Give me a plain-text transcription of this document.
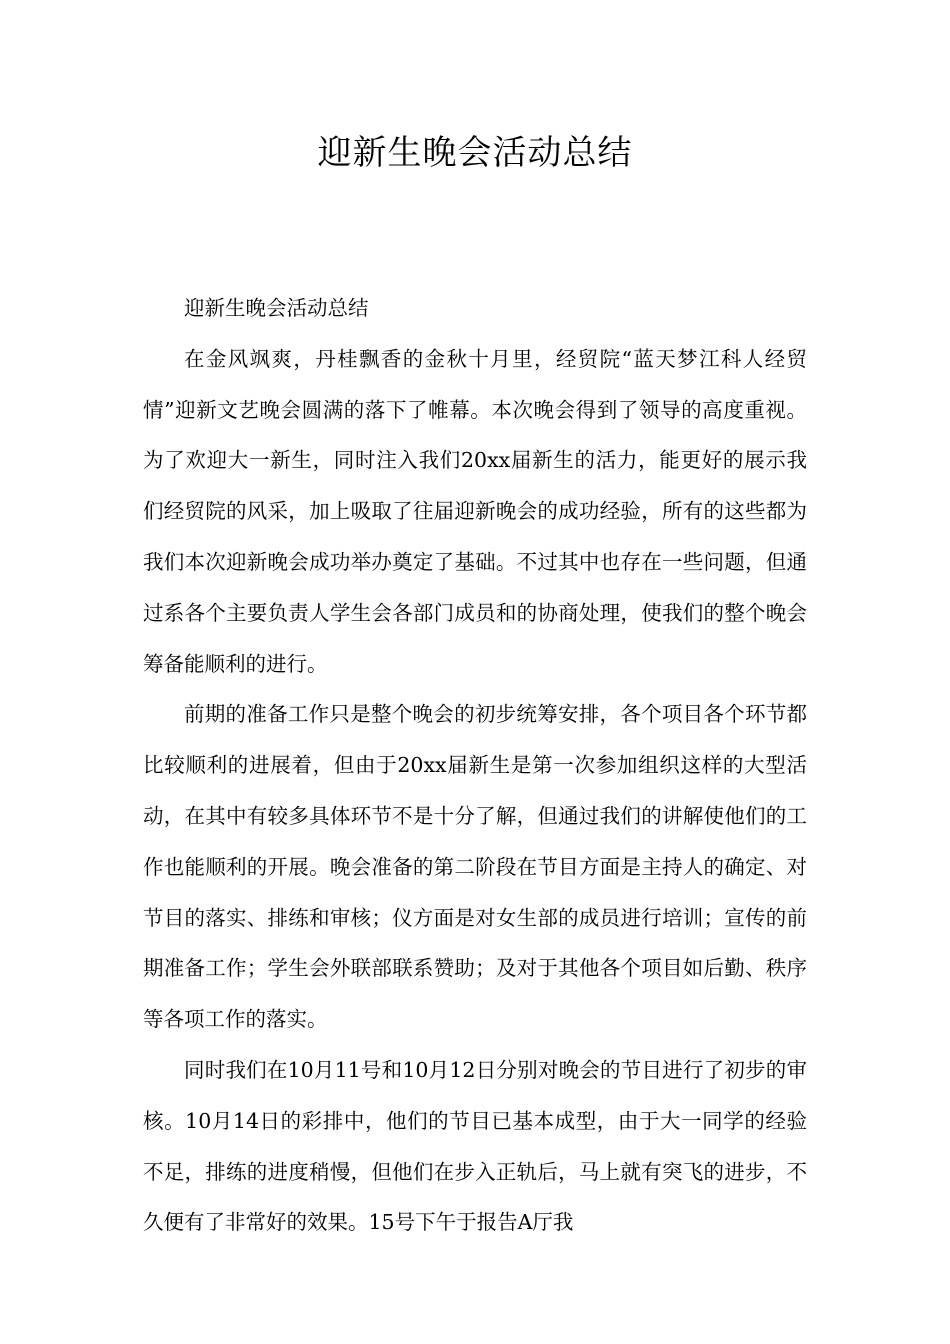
迎新生晚会活动总结

迎新生晚会活动总结

在金风飒爽，丹桂飘香的金秋十月里，经贸院“蓝天梦江科人经贸情”迎新文艺晚会圆满的落下了帷幕。本次晚会得到了领导的高度重视。为了欢迎大一新生，同时注入我们20xx届新生的活力，能更好的展示我们经贸院的风采，加上吸取了往届迎新晚会的成功经验，所有的这些都为我们本次迎新晚会成功举办奠定了基础。不过其中也存在一些问题，但通过系各个主要负责人学生会各部门成员和的协商处理，使我们的整个晚会筹备能顺利的进行。

前期的准备工作只是整个晚会的初步统筹安排，各个项目各个环节都比较顺利的进展着，但由于20xx届新生是第一次参加组织这样的大型活动，在其中有较多具体环节不是十分了解，但通过我们的讲解使他们的工作也能顺利的开展。晚会准备的第二阶段在节目方面是主持人的确定、对节目的落实、排练和审核；仪方面是对女生部的成员进行培训；宣传的前期准备工作；学生会外联部联系赞助；及对于其他各个项目如后勤、秩序等各项工作的落实。

同时我们在10月11号和10月12日分别对晚会的节目进行了初步的审核。10月14日的彩排中，他们的节目已基本成型，由于大一同学的经验不足，排练的进度稍慢，但他们在步入正轨后，马上就有突飞的进步，不久便有了非常好的效果。15号下午于报告A厅我
